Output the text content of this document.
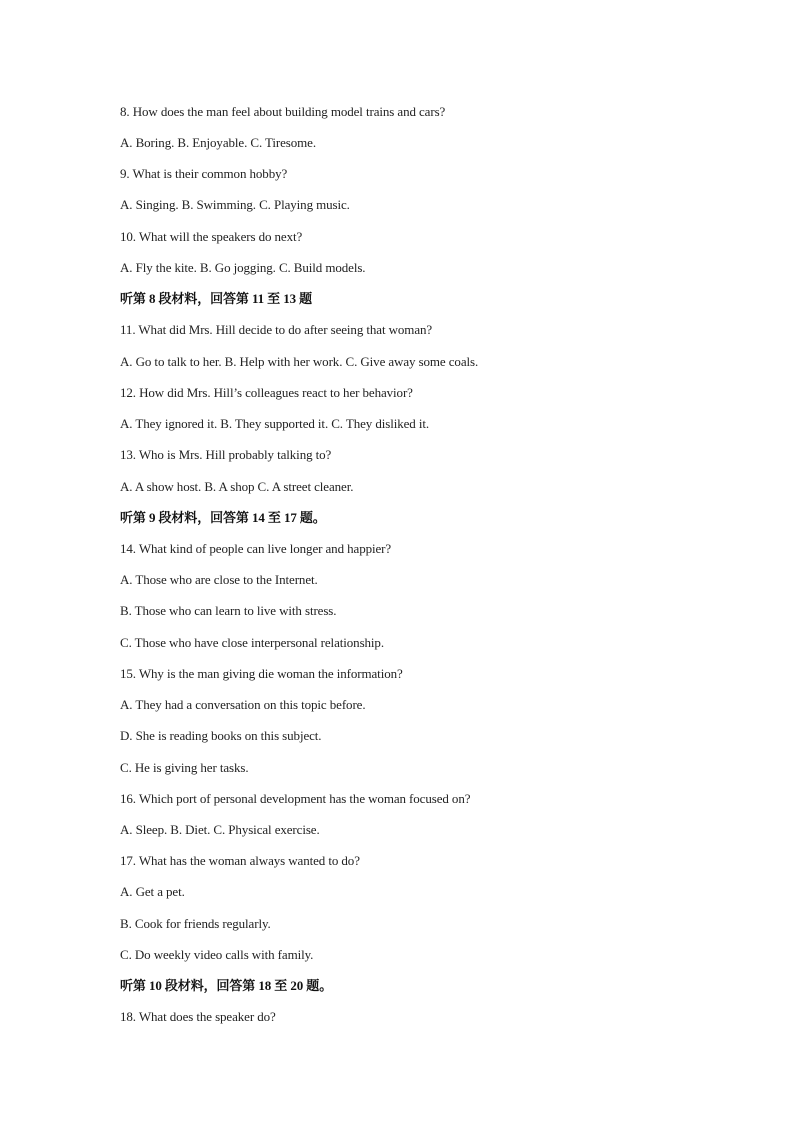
8. How does the man feel about building model trains and cars?
A. Boring. B. Enjoyable. C. Tiresome.
9. What is their common hobby?
A. Singing. B. Swimming. C. Playing music.
10. What will the speakers do next?
A. Fly the kite. B. Go jogging. C. Build models.
听第 8 段材料，回答第 11 至 13 题
11. What did Mrs. Hill decide to do after seeing that woman?
A. Go to talk to her. B. Help with her work. C. Give away some coals.
12. How did Mrs. Hill’s colleagues react to her behavior?
A. They ignored it. B. They supported it. C. They disliked it.
13. Who is Mrs. Hill probably talking to?
A. A show host. B. A shop C. A street cleaner.
听第 9 段材料，回答第 14 至 17 题。
14. What kind of people can live longer and happier?
A. Those who are close to the Internet.
B. Those who can learn to live with stress.
C. Those who have close interpersonal relationship.
15. Why is the man giving die woman the information?
A. They had a conversation on this topic before.
D. She is reading books on this subject.
C. He is giving her tasks.
16. Which port of personal development has the woman focused on?
A. Sleep. B. Diet. C. Physical exercise.
17. What has the woman always wanted to do?
A. Get a pet.
B. Cook for friends regularly.
C. Do weekly video calls with family.
听第 10 段材料，回答第 18 至 20 题。
18. What does the speaker do?
